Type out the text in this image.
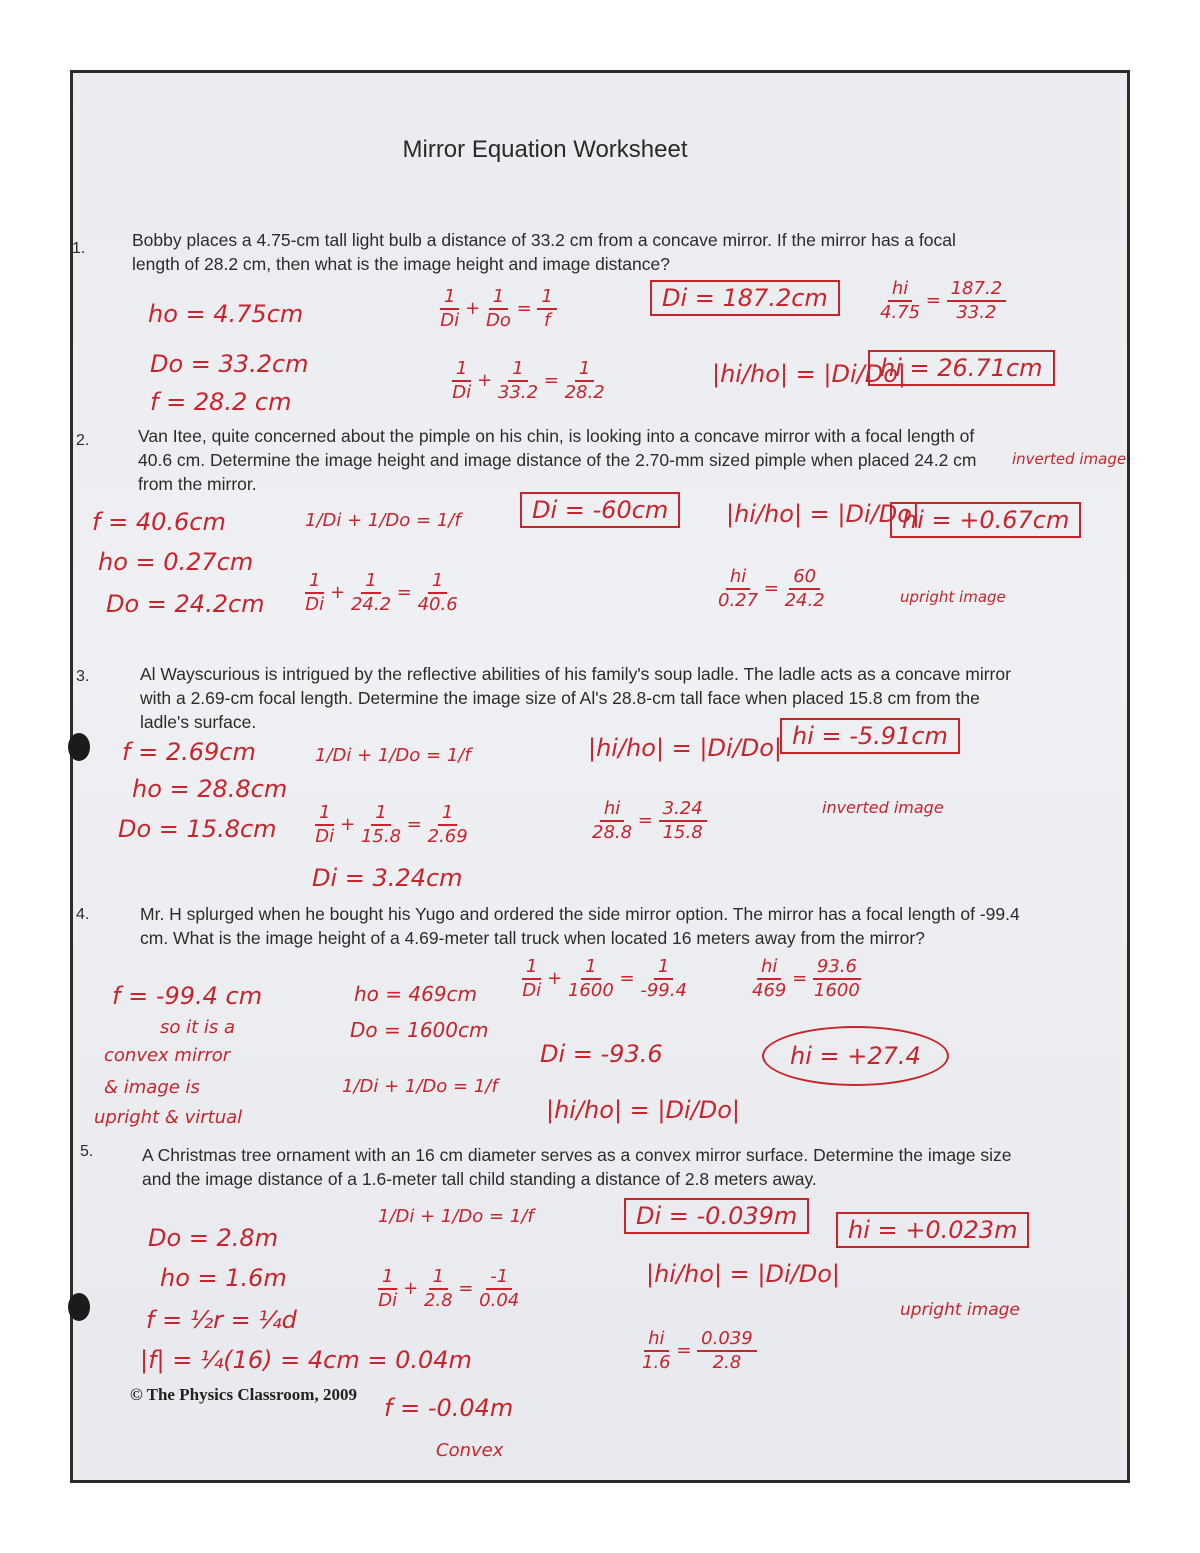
Mirror Equation Worksheet
1.	Bobby places a 4.75-cm tall light bulb a distance of 33.2 cm from a concave mirror. If the mirror has a focal length of 28.2 cm, then what is the image height and image distance?

ho = 4.75cm
Do = 33.2cm
f = 28.2 cm
$\frac{1}{Di} + \frac{1}{Do} = \frac{1}{f}$
$\frac{1}{Di} + \frac{1}{33.2} = \frac{1}{28.2}$
Di = 187.2cm	$\frac{hi}{4.75} = \frac{187.2}{33.2}$
|hi/ho| = |Di/Do|
hi = 26.71cm
2.	Van Itee, quite concerned about the pimple on his chin, is looking into a concave mirror with a focal length of 40.6 cm. Determine the image height and image distance of the 2.70-mm sized pimple when placed 24.2 cm from the mirror.

inverted image
f = 40.6cm
ho = 0.27cm
Do = 24.2cm
1/Di + 1/Do = 1/f
$\frac{1}{Di} + \frac{1}{24.2} = \frac{1}{40.6}$
Di = -60cm	|hi/ho| = |Di/Do|
$\frac{hi}{0.27} = \frac{60}{24.2}$
hi = +0.67cm
upright image
3.	Al Wayscurious is intrigued by the reflective abilities of his family's soup ladle. The ladle acts as a concave mirror with a 2.69-cm focal length. Determine the image size of Al's 28.8-cm tall face when placed 15.8 cm from the ladle's surface.

f = 2.69cm
ho = 28.8cm
Do = 15.8cm
1/Di + 1/Do = 1/f
$\frac{1}{Di} + \frac{1}{15.8} = \frac{1}{2.69}$
Di = 3.24cm
|hi/ho| = |Di/Do|
$\frac{hi}{28.8} = \frac{3.24}{15.8}$
hi = -5.91cm
inverted image
4.	Mr. H splurged when he bought his Yugo and ordered the side mirror option. The mirror has a focal length of -99.4 cm. What is the image height of a 4.69-meter tall truck when located 16 meters away from the mirror?

f = -99.4 cm
so it is a
convex mirror
& image is
upright & virtual
ho = 469cm
Do = 1600cm
1/Di + 1/Do = 1/f
$\frac{1}{Di} + \frac{1}{1600} = \frac{1}{-99.4}$
Di = -93.6
|hi/ho| = |Di/Do|
$\frac{hi}{469} = \frac{93.6}{1600}$
hi = +27.4
5.	A Christmas tree ornament with an 16 cm diameter serves as a convex mirror surface. Determine the image size and the image distance of a 1.6-meter tall child standing a distance of 2.8 meters away.

Do = 2.8m
ho = 1.6m
f = ½r = ¼d
|f| = ¼(16) = 4cm = 0.04m
f = -0.04m
Convex
1/Di + 1/Do = 1/f
$\frac{1}{Di} + \frac{1}{2.8} = \frac{-1}{0.04}$
Di = -0.039m
|hi/ho| = |Di/Do|
$\frac{hi}{1.6} = \frac{0.039}{2.8}$
hi = +0.023m
upright image
© The Physics Classroom, 2009
